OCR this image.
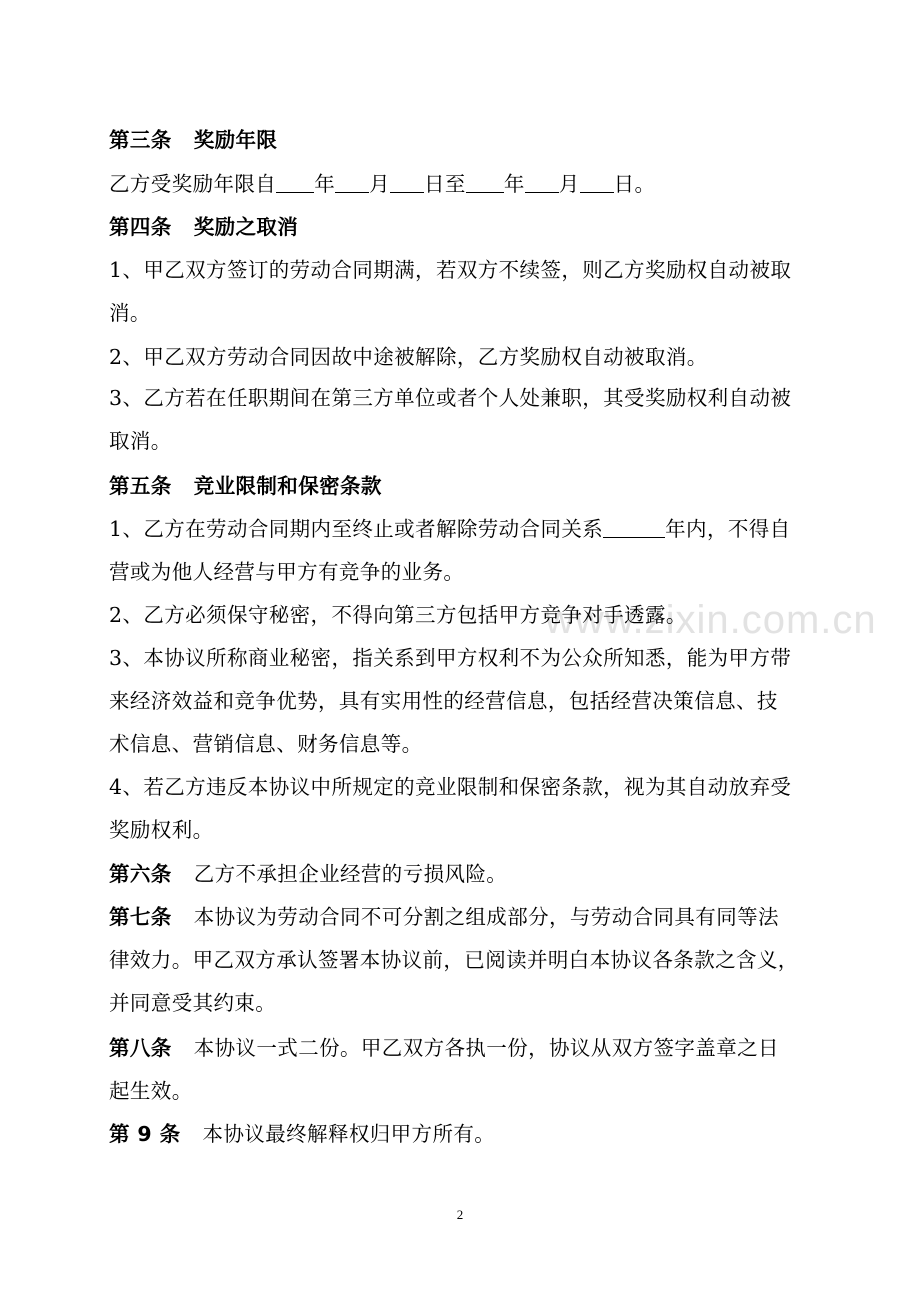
www.zixin.com.cn
第三条 奖励年限
乙方受奖励年限自 年 月 日至 年 月 日。
第四条 奖励之取消
1、甲乙双方签订的劳动合同期满，若双方不续签，则乙方奖励权自动被取
消。
2、甲乙双方劳动合同因故中途被解除，乙方奖励权自动被取消。
3、乙方若在任职期间在第三方单位或者个人处兼职，其受奖励权利自动被
取消。
第五条 竞业限制和保密条款
1、乙方在劳动合同期内至终止或者解除劳动合同关系	年内，不得自
营或为他人经营与甲方有竞争的业务。
2、乙方必须保守秘密，不得向第三方包括甲方竞争对手透露。
3、本协议所称商业秘密，指关系到甲方权利不为公众所知悉，能为甲方带
来经济效益和竞争优势，具有实用性的经营信息，包括经营决策信息、技
术信息、营销信息、财务信息等。
4、若乙方违反本协议中所规定的竞业限制和保密条款，视为其自动放弃受
奖励权利。
第六条 乙方不承担企业经营的亏损风险。
第七条 本协议为劳动合同不可分割之组成部分，与劳动合同具有同等法
律效力。甲乙双方承认签署本协议前，已阅读并明白本协议各条款之含义，
并同意受其约束。
第八条 本协议一式二份。甲乙双方各执一份，协议从双方签字盖章之日
起生效。
第 9 条 本协议最终解释权归甲方所有。
2
